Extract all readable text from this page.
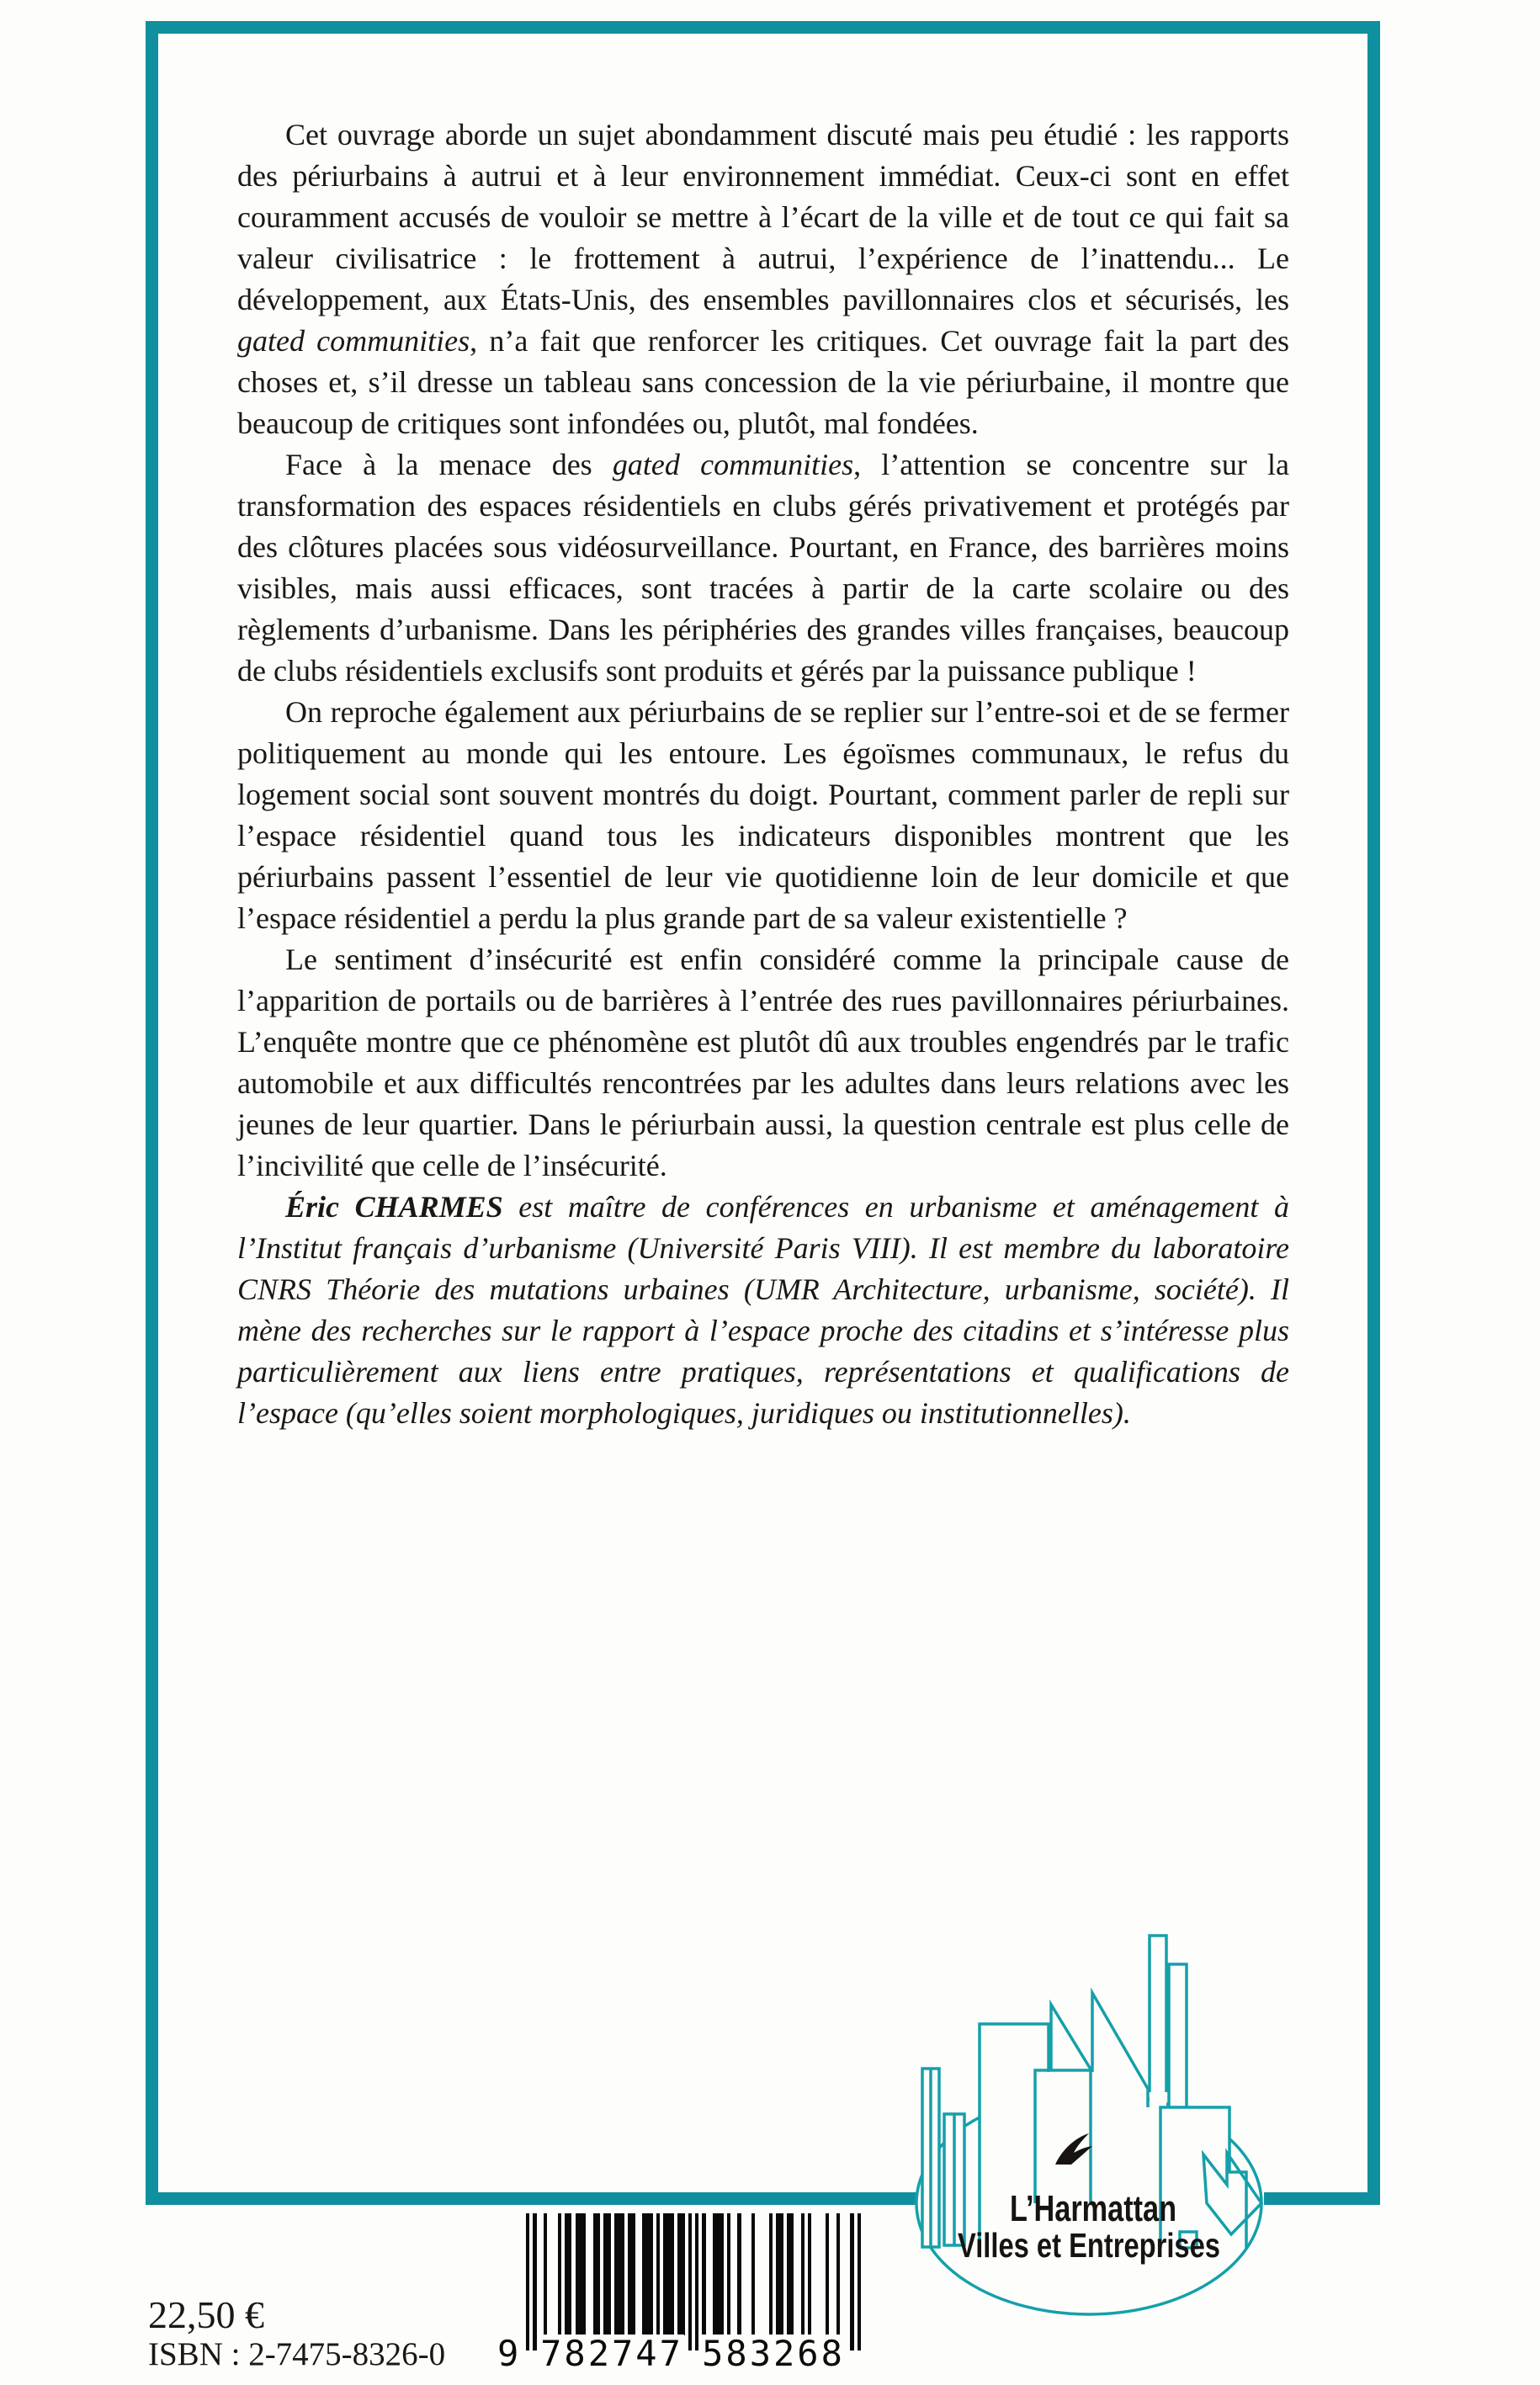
Cet ouvrage aborde un sujet abondamment discuté mais peu étudié : les rapports des périurbains à autrui et à leur environnement immédiat. Ceux-ci sont en effet couramment accusés de vouloir se mettre à l’écart de la ville et de tout ce qui fait sa valeur civilisatrice : le frottement à autrui, l’expérience de l’inattendu... Le développement, aux États-Unis, des ensembles pavillonnaires clos et sécurisés, les gated communities, n’a fait que renforcer les critiques. Cet ouvrage fait la part des choses et, s’il dresse un tableau sans concession de la vie périurbaine, il montre que beaucoup de critiques sont infondées ou, plutôt, mal fondées.

Face à la menace des gated communities, l’attention se concentre sur la transformation des espaces résidentiels en clubs gérés privativement et protégés par des clôtures placées sous vidéosurveillance. Pourtant, en France, des barrières moins visibles, mais aussi efficaces, sont tracées à partir de la carte scolaire ou des règlements d’urbanisme. Dans les périphéries des grandes villes françaises, beaucoup de clubs résidentiels exclusifs sont produits et gérés par la puissance publique !

On reproche également aux périurbains de se replier sur l’entre-soi et de se fermer politiquement au monde qui les entoure. Les égoïsmes communaux, le refus du logement social sont souvent montrés du doigt. Pourtant, comment parler de repli sur l’espace résidentiel quand tous les indicateurs disponibles montrent que les périurbains passent l’essentiel de leur vie quotidienne loin de leur domicile et que l’espace résidentiel a perdu la plus grande part de sa valeur existentielle ?

Le sentiment d’insécurité est enfin considéré comme la principale cause de l’apparition de portails ou de barrières à l’entrée des rues pavillonnaires périurbaines. L’enquête montre que ce phénomène est plutôt dû aux troubles engendrés par le trafic automobile et aux difficultés rencontrées par les adultes dans leurs relations avec les jeunes de leur quartier. Dans le périurbain aussi, la question centrale est plus celle de l’incivilité que celle de l’insécurité.

Éric CHARMES est maître de conférences en urbanisme et aménagement à l’Institut français d’urbanisme (Université Paris VIII). Il est membre du laboratoire CNRS Théorie des mutations urbaines (UMR Architecture, urbanisme, société). Il mène des recherches sur le rapport à l’espace proche des citadins et s’intéresse plus particulièrement aux liens entre pratiques, représentations et qualifications de l’espace (qu’elles soient morphologiques, juridiques ou institutionnelles).

L’Harmattan
Villes et Entreprises
9 782747 583268
22,50 €
ISBN : 2-7475-8326-0
